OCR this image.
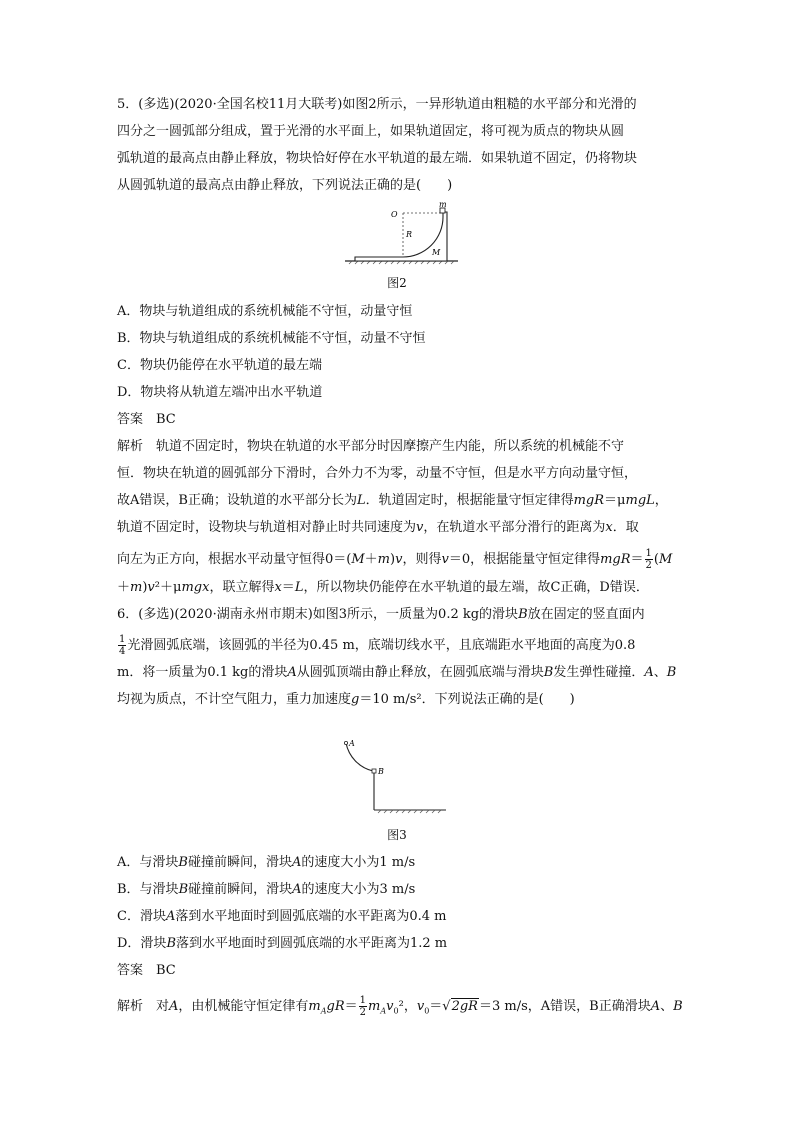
5．(多选)(2020·全国名校11月大联考)如图2所示，一异形轨道由粗糙的水平部分和光滑的
四分之一圆弧部分组成，置于光滑的水平面上，如果轨道固定，将可视为质点的物块从圆
弧轨道的最高点由静止释放，物块恰好停在水平轨道的最左端．如果轨道不固定，仍将物块
从圆弧轨道的最高点由静止释放，下列说法正确的是(　　)
O
m
R
M
图2
A．物块与轨道组成的系统机械能不守恒，动量守恒
B．物块与轨道组成的系统机械能不守恒，动量不守恒
C．物块仍能停在水平轨道的最左端
D．物块将从轨道左端冲出水平轨道
答案　BC
解析　轨道不固定时，物块在轨道的水平部分时因摩擦产生内能，所以系统的机械能不守
恒．物块在轨道的圆弧部分下滑时，合外力不为零，动量不守恒，但是水平方向动量守恒，
故A错误，B正确；设轨道的水平部分长为L．轨道固定时，根据能量守恒定律得mgR＝μmgL，
轨道不固定时，设物块与轨道相对静止时共同速度为v，在轨道水平部分滑行的距离为x．取
向左为正方向，根据水平动量守恒得0＝(M＋m)v，则得v＝0，根据能量守恒定律得$mgR= \frac{1}{2} (M$
＋m)v²＋μmgx，联立解得x＝L，所以物块仍能停在水平轨道的最左端，故C正确，D错误．
6．(多选)(2020·湖南永州市期末)如图3所示，一质量为0.2 kg的滑块B放在固定的竖直面内
$\frac{1}{4}$ 光滑圆弧底端，该圆弧的半径为0.45 m，底端切线水平，且底端距水平地面的高度为0.8
m．将一质量为0.1 kg的滑块A从圆弧顶端由静止释放，在圆弧底端与滑块B发生弹性碰撞．A、B
均视为质点，不计空气阻力，重力加速度g＝10 m/s²．下列说法正确的是(　　)
A
B
图3
A．与滑块B碰撞前瞬间，滑块A的速度大小为1 m/s
B．与滑块B碰撞前瞬间，滑块A的速度大小为3 m/s
C．滑块A落到水平地面时到圆弧底端的水平距离为0.4 m
D．滑块B落到水平地面时到圆弧底端的水平距离为1.2 m
答案　BC
解析　对A，由机械能守恒定律有$m_AgR= \frac{1}{2} m_Av_0^2$，$v_0=√2gR=3$ m/s，A错误，B正确滑块A、B
